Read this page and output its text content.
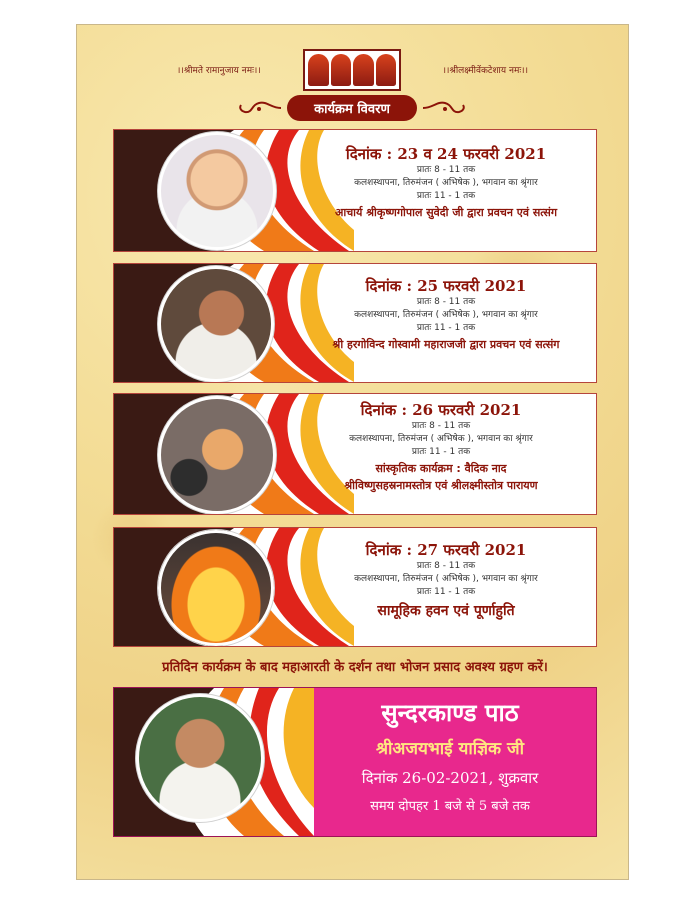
।।श्रीमते रामानुजाय नमः।।	।।श्रीलक्ष्मीवेंकटेशाय नमः।।
कार्यक्रम विवरण
दिनांक : 23 व 24 फरवरी 2021
प्रातः 8 - 11 तक
कलशस्थापना, तिरुमंजन ( अभिषेक ), भगवान का श्रृंगार
प्रातः 11 - 1 तक
आचार्य श्रीकृष्णगोपाल सुवेदी जी द्वारा प्रवचन एवं सत्संग
दिनांक : 25 फरवरी 2021
प्रातः 8 - 11 तक
कलशस्थापना, तिरुमंजन ( अभिषेक ), भगवान का श्रृंगार
प्रातः 11 - 1 तक
श्री हरगोविन्द गोस्वामी महाराजजी द्वारा प्रवचन एवं सत्संग
दिनांक : 26 फरवरी 2021
प्रातः 8 - 11 तक
कलशस्थापना, तिरुमंजन ( अभिषेक ), भगवान का श्रृंगार
प्रातः 11 - 1 तक
सांस्कृतिक कार्यक्रम : वैदिक नाद
श्रीविष्णुसहस्रनामस्तोत्र एवं श्रीलक्ष्मीस्तोत्र पारायण
दिनांक : 27 फरवरी 2021
प्रातः 8 - 11 तक
कलशस्थापना, तिरुमंजन ( अभिषेक ), भगवान का श्रृंगार
प्रातः 11 - 1 तक
सामूहिक हवन एवं पूर्णाहुति
प्रतिदिन कार्यक्रम के बाद महाआरती के दर्शन तथा भोजन प्रसाद अवश्य ग्रहण करें।
सुन्दरकाण्ड पाठ
श्रीअजयभाई याज्ञिक जी
दिनांक 26-02-2021, शुक्रवार
समय दोपहर 1 बजे से 5 बजे तक
